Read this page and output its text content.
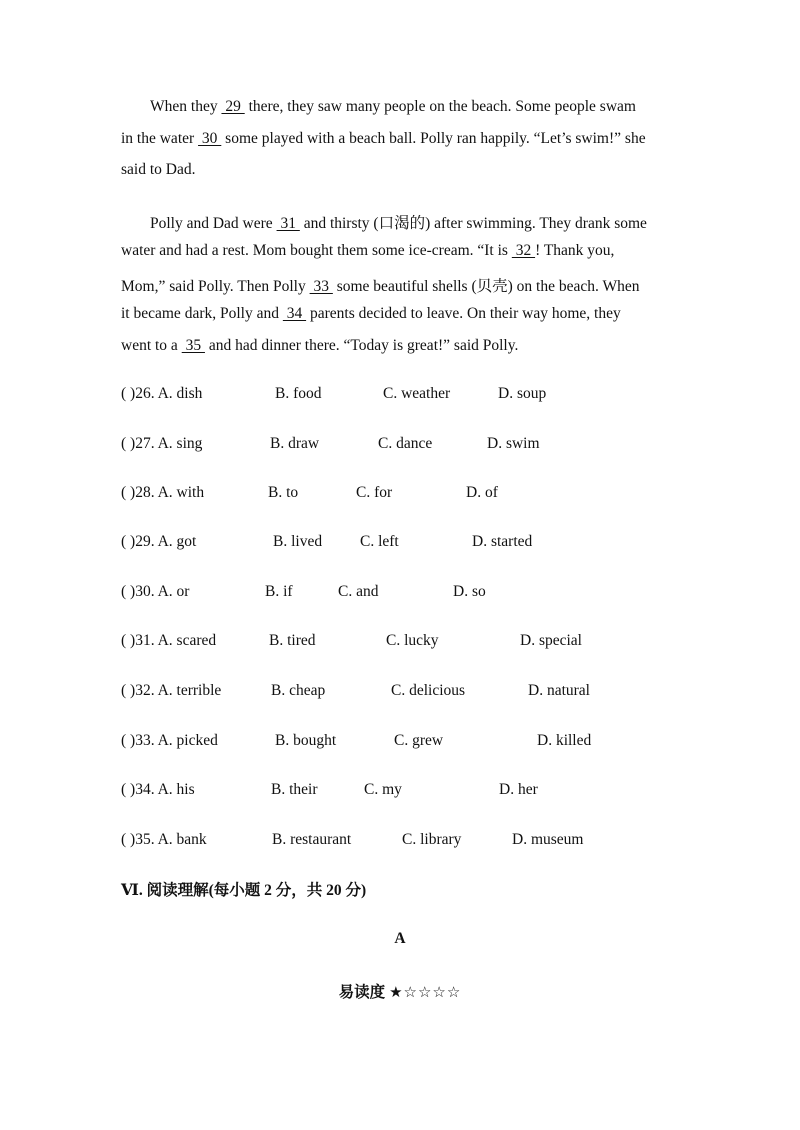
When they  29  there, they saw many people on the beach. Some people swam
in the water  30  some played with a beach ball. Polly ran happily. “Let’s swim!” she
said to Dad.
Polly and Dad were  31  and thirsty (口渴的) after swimming. They drank some
water and had a rest. Mom bought them some ice-cream. “It is  32 ! Thank you,
Mom,” said Polly. Then Polly  33  some beautiful shells (贝壳) on the beach. When
it became dark, Polly and  34  parents decided to leave. On their way home, they
went to a  35  and had dinner there. “Today is great!” said Polly.
( )26. A. dish	B. food	C. weather	D. soup
( )27. A. sing	B. draw	C. dance	D. swim
( )28. A. with	B. to	C. for	D. of
( )29. A. got	B. lived C. left	D. started
( )30. A. or	B. if	C. and	D. so
( )31. A. scared	B. tired	C. lucky	D. special
( )32. A. terrible	B. cheap	C. delicious	D. natural
( )33. A. picked	B. bought	C. grew	D. killed
( )34. A. his	B. their	C. my	D. her
( )35. A. bank	B. restaurant	C. library	D. museum
Ⅵ. 阅读理解(每小题 2 分，共 20 分)
A
易读度 ★☆☆☆☆
